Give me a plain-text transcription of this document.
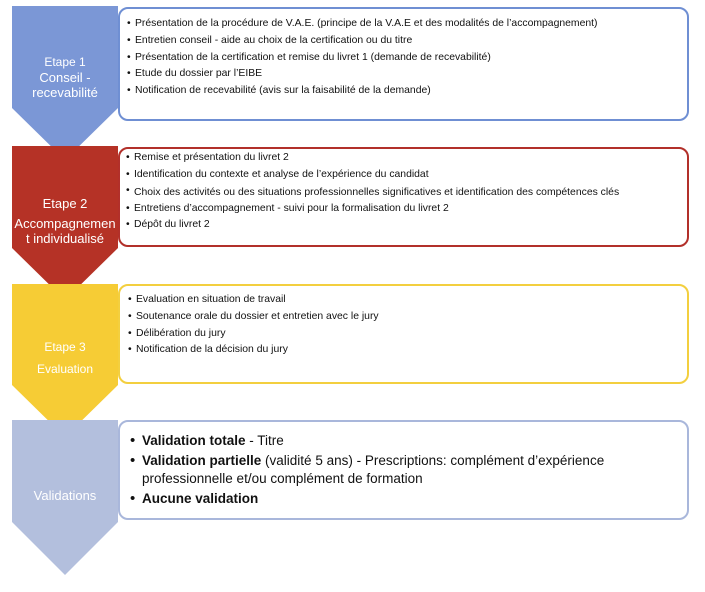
Etape 1
Conseil -
recevabilité
Etape 2
Accompagnemen
t individualisé
Etape 3
Evaluation
Validations
• Présentation de la procédure de V.A.E. (principe de la V.A.E et des modalités de l’accompagnement)
• Entretien conseil - aide au choix de la certification ou du titre
• Présentation de la certification et remise du livret 1 (demande de recevabilité)
• Etude du dossier par l’EIBE
• Notification de recevabilité (avis sur la faisabilité de la demande)
• Remise et présentation du livret 2
• Identification du contexte et analyse de l’expérience du candidat
• Choix des activités ou des situations professionnelles significatives et identification des compétences clés
• Entretiens d’accompagnement - suivi pour la formalisation du livret 2
• Dépôt du livret 2
• Evaluation en situation de travail
• Soutenance orale du dossier et entretien avec le jury
• Délibération du jury
• Notification de la décision du jury
• Validation totale - Titre
• Validation partielle (validité 5 ans) - Prescriptions: complément d’expérience professionnelle et/ou complément de formation
• Aucune validation
